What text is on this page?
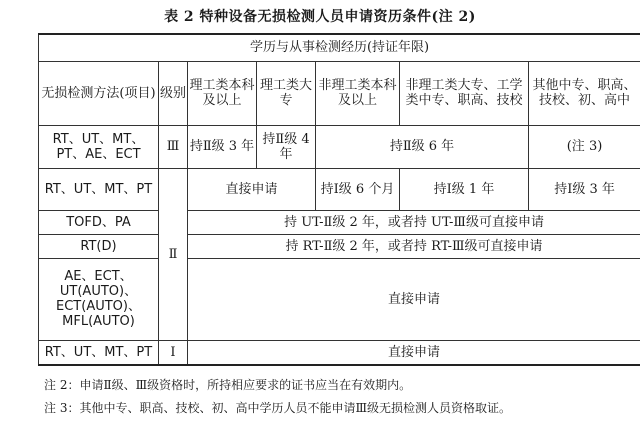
表 2 特种设备无损检测人员申请资历条件(注 2)
学历与从事检测经历(持证年限)						
无损检测方法(项目)	级别	理工类本科及以上	理工类大专	非理工类本科及以上	非理工类大专、工学类中专、职高、技校	其他中专、职高、技校、初、高中
RT、UT、MT、PT、AE、ECT	Ⅲ	持Ⅱ级 3 年	持Ⅱ级 4 年	持Ⅱ级 6 年		(注 3)
RT、UT、MT、PT	Ⅱ	直接申请		持Ⅰ级 6 个月	持Ⅰ级 1 年	持Ⅰ级 3 年
TOFD、PA		持 UT-Ⅱ级 2 年，或者持 UT-Ⅲ级可直接申请				
RT(D)		持 RT-Ⅱ级 2 年，或者持 RT-Ⅲ级可直接申请				
AE、ECT、UT(AUTO)、ECT(AUTO)、MFL(AUTO)		直接申请				
RT、UT、MT、PT	Ⅰ	直接申请				
注 2：申请Ⅱ级、Ⅲ级资格时，所持相应要求的证书应当在有效期内。
注 3：其他中专、职高、技校、初、高中学历人员不能申请Ⅲ级无损检测人员资格取证。
